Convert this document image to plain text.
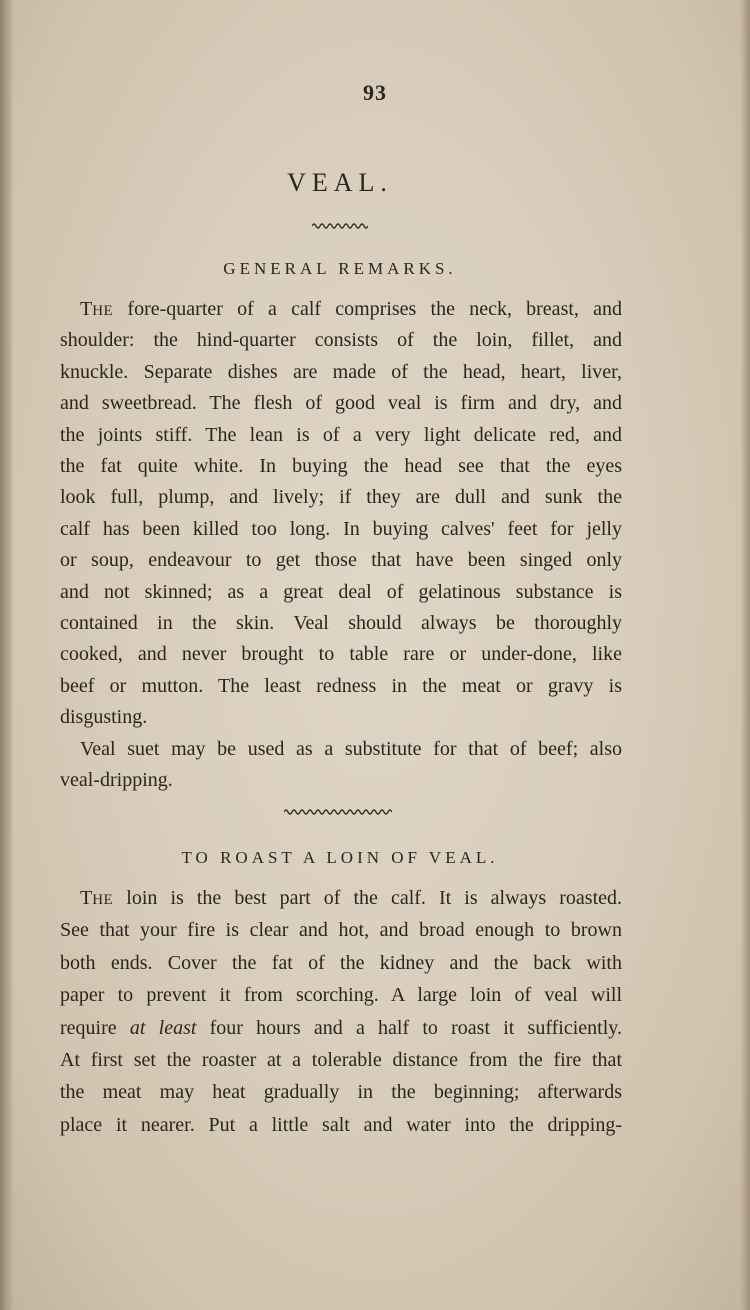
93
VEAL.
GENERAL REMARKS.
THE fore-quarter of a calf comprises the neck, breast, and
shoulder: the hind-quarter consists of the loin, fillet, and
knuckle. Separate dishes are made of the head, heart, liver,
and sweetbread. The flesh of good veal is firm and dry, and
the joints stiff. The lean is of a very light delicate red, and
the fat quite white. In buying the head see that the eyes
look full, plump, and lively; if they are dull and sunk the
calf has been killed too long. In buying calves' feet for jelly
or soup, endeavour to get those that have been singed only
and not skinned; as a great deal of gelatinous substance is
contained in the skin. Veal should always be thoroughly
cooked, and never brought to table rare or under-done, like
beef or mutton. The least redness in the meat or gravy is
disgusting.
Veal suet may be used as a substitute for that of beef; also
veal-dripping.
TO ROAST A LOIN OF VEAL.
THE loin is the best part of the calf. It is always roasted.
See that your fire is clear and hot, and broad enough to brown
both ends. Cover the fat of the kidney and the back with
paper to prevent it from scorching. A large loin of veal will
require at least four hours and a half to roast it sufficiently.
At first set the roaster at a tolerable distance from the fire that
the meat may heat gradually in the beginning; afterwards
place it nearer. Put a little salt and water into the dripping-
